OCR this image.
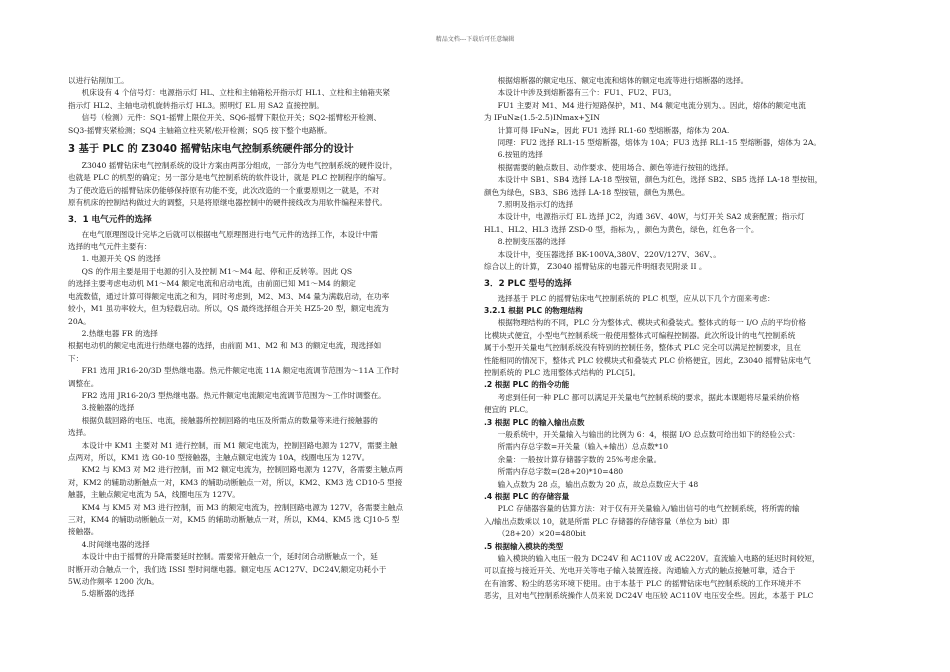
精品文档---下载后可任意编辑

以进行钻削加工。

机床设有 4 个信号灯：电源指示灯 HL、立柱和主轴箱松开指示灯 HL1、立柱和主轴箱夹紧

指示灯 HL2、主轴电动机旋转指示灯 HL3。照明灯 EL 用 SA2 直接控制。

信号（检测）元件：SQ1-摇臂上限位开关、SQ6-摇臂下限位开关；SQ2-摇臂松开检测、

SQ3-摇臂夹紧检测；SQ4 主轴箱立柱夹紧/松开检测；SQ5 按下整个电路断。

3 基于 PLC 的 Z3040 摇臂钻床电气控制系统硬件部分的设计

Z3040 摇臂钻床电气控制系统的设计方案由两部分组成，一部分为电气控制系统的硬件设计，

也就是 PLC 的机型的确定；另一部分是电气控制系统的软件设计，就是 PLC 控制程序的编写。

为了使改造后的摇臂钻床仍能够保持原有功能不变，此次改造的一个重要原则之一就是，不对

原有机床的控制结构做过大的调整，只是将原继电器控制中的硬件接线改为用软件编程来替代。

3．1 电气元件的选择

在电气原理图设计完毕之后就可以根据电气原理图进行电气元件的选择工作，本设计中需

选择的电气元件主要有：

1. 电源开关 QS 的选择

QS 的作用主要是用于电源的引入及控制 M1～M4 起、停和正反转等。因此 QS

的选择主要考虑电动机 M1～M4 额定电流和启动电流，由前面已知 M1～M4 的额定

电流数值，通过计算可得额定电流之和为，同时考虑到，M2、M3、M4 量为满载启动，在功率

较小，M1 虽功率较大，但为轻载启动。所以，QS 最终选择组合开关 HZ5-20 型，额定电流为

20A。

2.热继电器 FR 的选择

根据电动机的额定电流进行热继电器的选择，由前面 M1、M2 和 M3 的额定电流，现选择如

下：

FR1 选用 JR16-20/3D 型热继电器。热元件额定电流 11A 额定电流调节范围为～11A 工作时

调整在。

FR2 选用 JR16-20/3 型热继电器。热元件额定电流额定电流调节范围为～工作时调整在。

3.接触器的选择

根据负载回路的电压、电流，接触器所控制回路的电压及所需点的数量等来进行接触器的

选择。

本设计中 KM1 主要对 M1 进行控制，而 M1 额定电流为，控制回路电源为 127V，需要主触

点两对，所以，KM1 选 G0-10 型接触器，主触点额定电流为 10A，线圈电压为 127V。

KM2 与 KM3 对 M2 进行控制，而 M2 额定电流为，控制回路电源为 127V，各需要主触点两

对，KM2 的辅助动断触点一对，KM3 的辅助动断触点一对，所以，KM2、KM3 选 CD10-5 型接

触器，主触点额定电流为 5A，线圈电压为 127V。

KM4 与 KM5 对 M3 进行控制，而 M3 的额定电流为，控制回路电源为 127V，各需要主触点

三对，KM4 的辅助动断触点一对，KM5 的辅助动断触点一对，所以，KM4、KM5 选 CJ10-5 型

接触器。

4.时间继电器的选择

本设计中由于摇臂的升降需要延时控制。需要常开触点一个，延时闭合动断触点一个，延

时断开动合触点一个，我们选 ISSI 型时间继电器。额定电压 AC127V、DC24V,额定功耗小于

5W,动作频率 1200 次/h。

5.熔断器的选择

根据熔断器的额定电压、额定电流和熔体的额定电流等进行熔断器的选择。

本设计中涉及到熔断器有三个：FU1、FU2、FU3。

FU1 主要对 M1、M4 进行短路保护，M1、M4 额定电流分别为、。因此，熔体的额定电流

为 IFuN≥(1.5-2.5)INmax+∑IN

计算可得 IFuN≥，因此 FU1 选择 RL1-60 型熔断器，熔体为 20A.

同理：FU2 选择 RL1-15 型熔断器，熔体为 10A；FU3 选择 RL1-15 型熔断器，熔体为 2A。

6.按钮的选择

根据需要的触点数目、动作要求、使用场合、颜色等进行按钮的选择。

本设计中 SB1、SB4 选择 LA-18 型按钮，颜色为红色，选择 SB2、SB5 选择 LA-18 型按钮，

颜色为绿色，SB3、SB6 选择 LA-18 型按钮，颜色为黑色。

7.照明及指示灯的选择

本设计中，电源指示灯 EL 选择 JC2，沟通 36V、40W，与灯开关 SA2 成套配置；指示灯

HL1、HL2、HL3 选择 ZSD-0 型，指标为，，颜色为黄色，绿色，红色各一个。

8.控制变压器的选择

本设计中，变压器选择 BK-100VA,380V、220V/127V、36V、。

综合以上的计算， Z3040 摇臂钻床的电器元件明细表见附录 II 。

3．2 PLC 型号的选择

选择基于 PLC 的摇臂钻床电气控制系统的 PLC 机型，应从以下几个方面来考虑：

3.2.1 根据 PLC 的物理结构

根据物理结构的不同，PLC 分为整体式、模块式和叠装式。整体式的每一 I/O 点的平均价格

比模块式便宜，小型电气控制系统一般使用整体式可编程控制器。此次所设计的电气控制系统

属于小型开关量电气控制系统没有特别的控制任务，整体式 PLC 完全可以满足控制要求，且在

性能相同的情况下，整体式 PLC 较模块式和叠装式 PLC 价格便宜，因此，Z3040 摇臂钻床电气

控制系统的 PLC 选用整体式结构的 PLC[5]。

.2 根据 PLC 的指令功能

考虑到任何一种 PLC 都可以满足开关量电气控制系统的要求，据此本课题将尽量采纳价格

便宜的 PLC。

.3 根据 PLC 的输入输出点数

一般系统中，开关量输入与输出的比例为 6：4，根据 I/O 总点数可给出如下的经验公式：

所需内存总字数=开关量（输入+输出）总点数*10

余量：一般按计算存储器字数的 25%考虑余量。

所需内存总字数=(28+20)*10=480

输入点数为 28 点，输出点数为 20 点，故总点数应大于 48

.4 根据 PLC 的存储容量

PLC 存储器容量的估算方法：对于仅有开关量输入/输出信号的电气控制系统，将所需的输

入/输出点数乘以 10，就是所需 PLC 存储器的存储容量（单位为 bit）即

（28+20）×20=480bit

.5 根据输入模块的类型

输入模块的输入电压一般为 DC24V 和 AC110V 或 AC220V。直流输入电路的延迟时间较短，

可以直接与接近开关、光电开关等电子输入装置连接。沟通输入方式的触点接触可靠，适合于

在有油雾、粉尘的恶劣环境下使用。由于本基于 PLC 的摇臂钻床电气控制系统的工作环境并不

恶劣，且对电气控制系统操作人员来说 DC24V 电压较 AC110V 电压安全些。因此，本基于 PLC
